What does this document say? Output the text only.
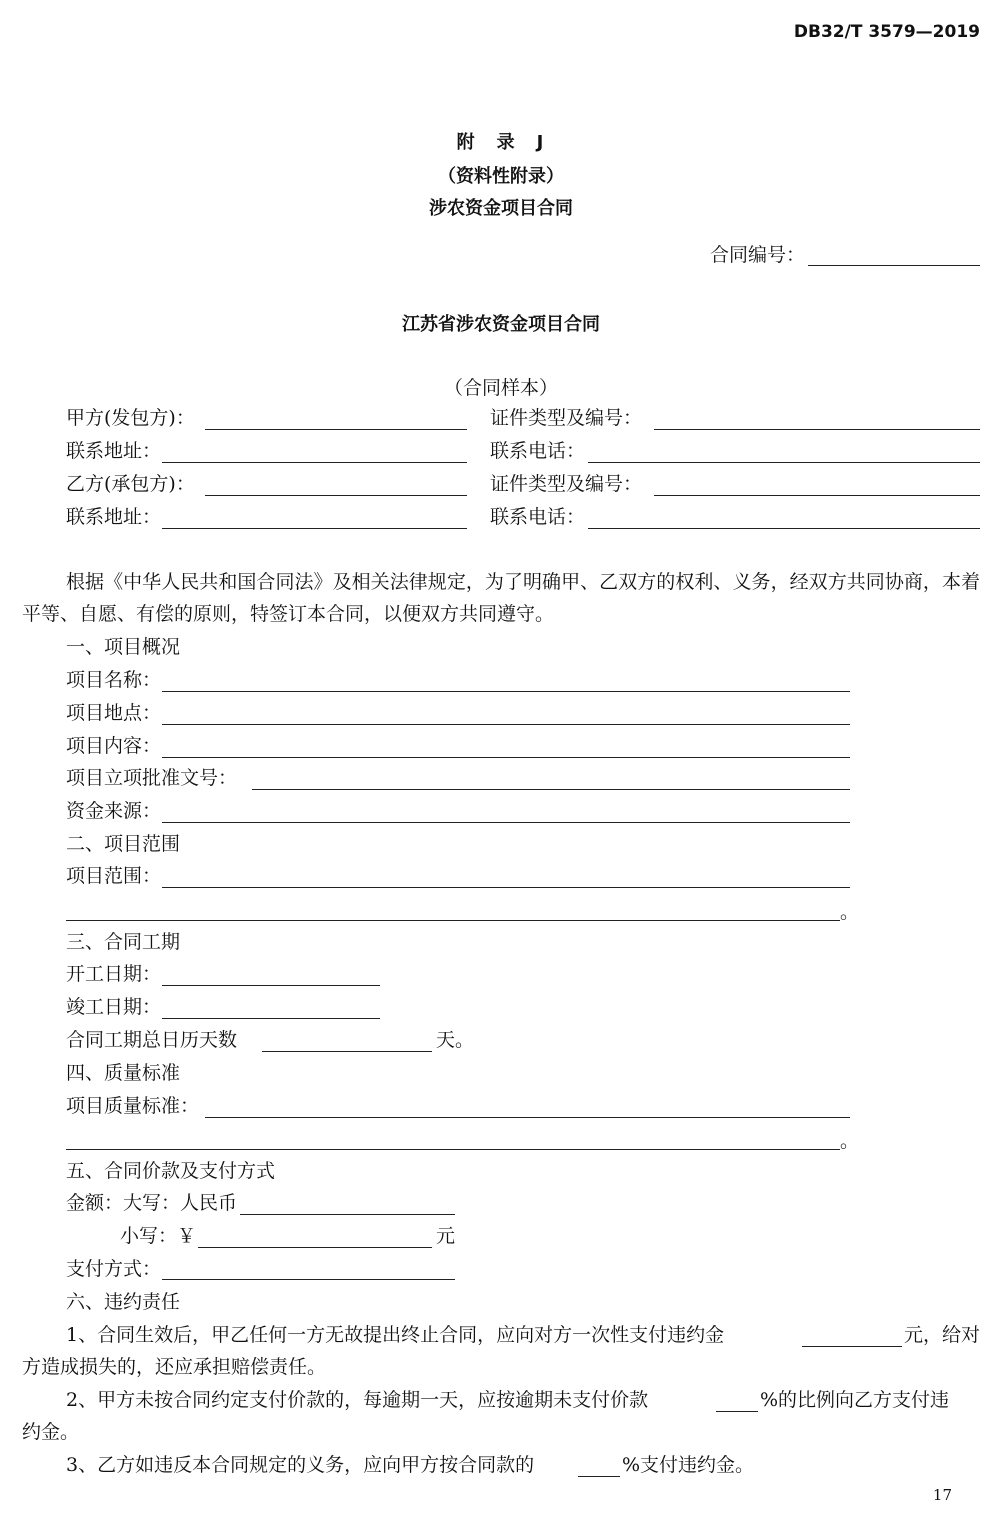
DB32/T 3579—2019
附　录　J
（资料性附录）
涉农资金项目合同
合同编号：
江苏省涉农资金项目合同
（合同样本）
甲方(发包方)：	证件类型及编号：
联系地址：	联系电话：
乙方(承包方)：	证件类型及编号：
联系地址：	联系电话：
根据《中华人民共和国合同法》及相关法律规定，为了明确甲、乙双方的权利、义务，经双方共同协商，本着平等、自愿、有偿的原则，特签订本合同，以便双方共同遵守。
一、项目概况
项目名称：
项目地点：
项目内容：
项目立项批准文号：
资金来源：
二、项目范围
项目范围：
。
三、合同工期
开工日期：
竣工日期：
合同工期总日历天数	天。
四、质量标准
项目质量标准：
。
五、合同价款及支付方式
金额：大写：人民币
小写：￥	元
支付方式：
六、违约责任
1、合同生效后，甲乙任何一方无故提出终止合同，应向对方一次性支付违约金	元，给对
方造成损失的，还应承担赔偿责任。
2、甲方未按合同约定支付价款的，每逾期一天，应按逾期未支付价款	%的比例向乙方支付违
约金。
3、乙方如违反本合同规定的义务，应向甲方按合同款的	%支付违约金。
17
